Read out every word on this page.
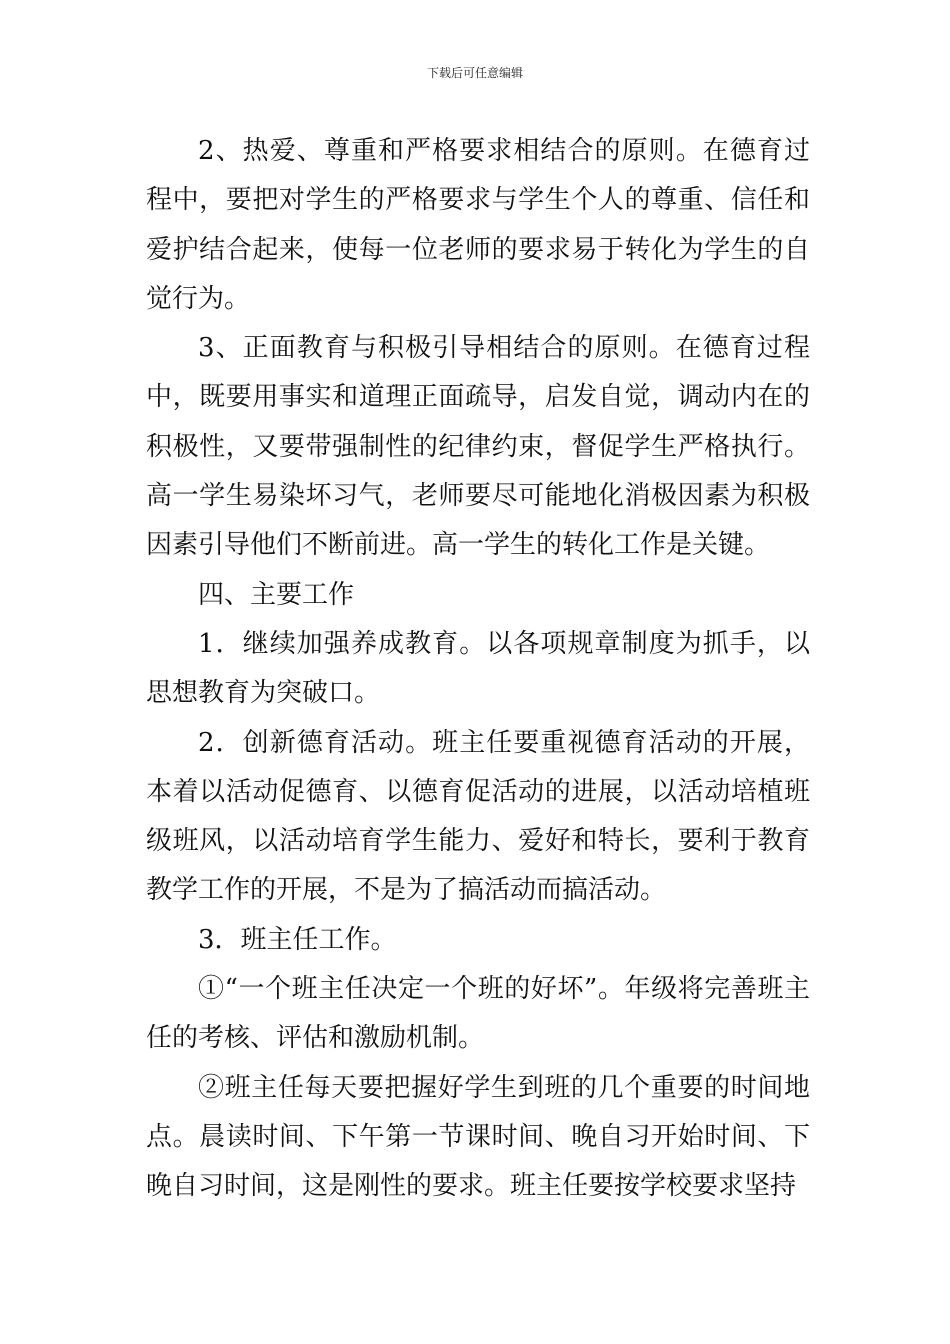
下载后可任意编辑

2、热爱、尊重和严格要求相结合的原则。在德育过程中，要把对学生的严格要求与学生个人的尊重、信任和爱护结合起来，使每一位老师的要求易于转化为学生的自觉行为。

3、正面教育与积极引导相结合的原则。在德育过程中，既要用事实和道理正面疏导，启发自觉，调动内在的积极性，又要带强制性的纪律约束，督促学生严格执行。高一学生易染坏习气，老师要尽可能地化消极因素为积极因素引导他们不断前进。高一学生的转化工作是关键。

四、主要工作

1．继续加强养成教育。以各项规章制度为抓手，以思想教育为突破口。

2．创新德育活动。班主任要重视德育活动的开展，本着以活动促德育、以德育促活动的进展，以活动培植班级班风，以活动培育学生能力、爱好和特长，要利于教育教学工作的开展，不是为了搞活动而搞活动。

3．班主任工作。

①“一个班主任决定一个班的好坏”。年级将完善班主任的考核、评估和激励机制。

②班主任每天要把握好学生到班的几个重要的时间地点。晨读时间、下午第一节课时间、晚自习开始时间、下晚自习时间，这是刚性的要求。班主任要按学校要求坚持
